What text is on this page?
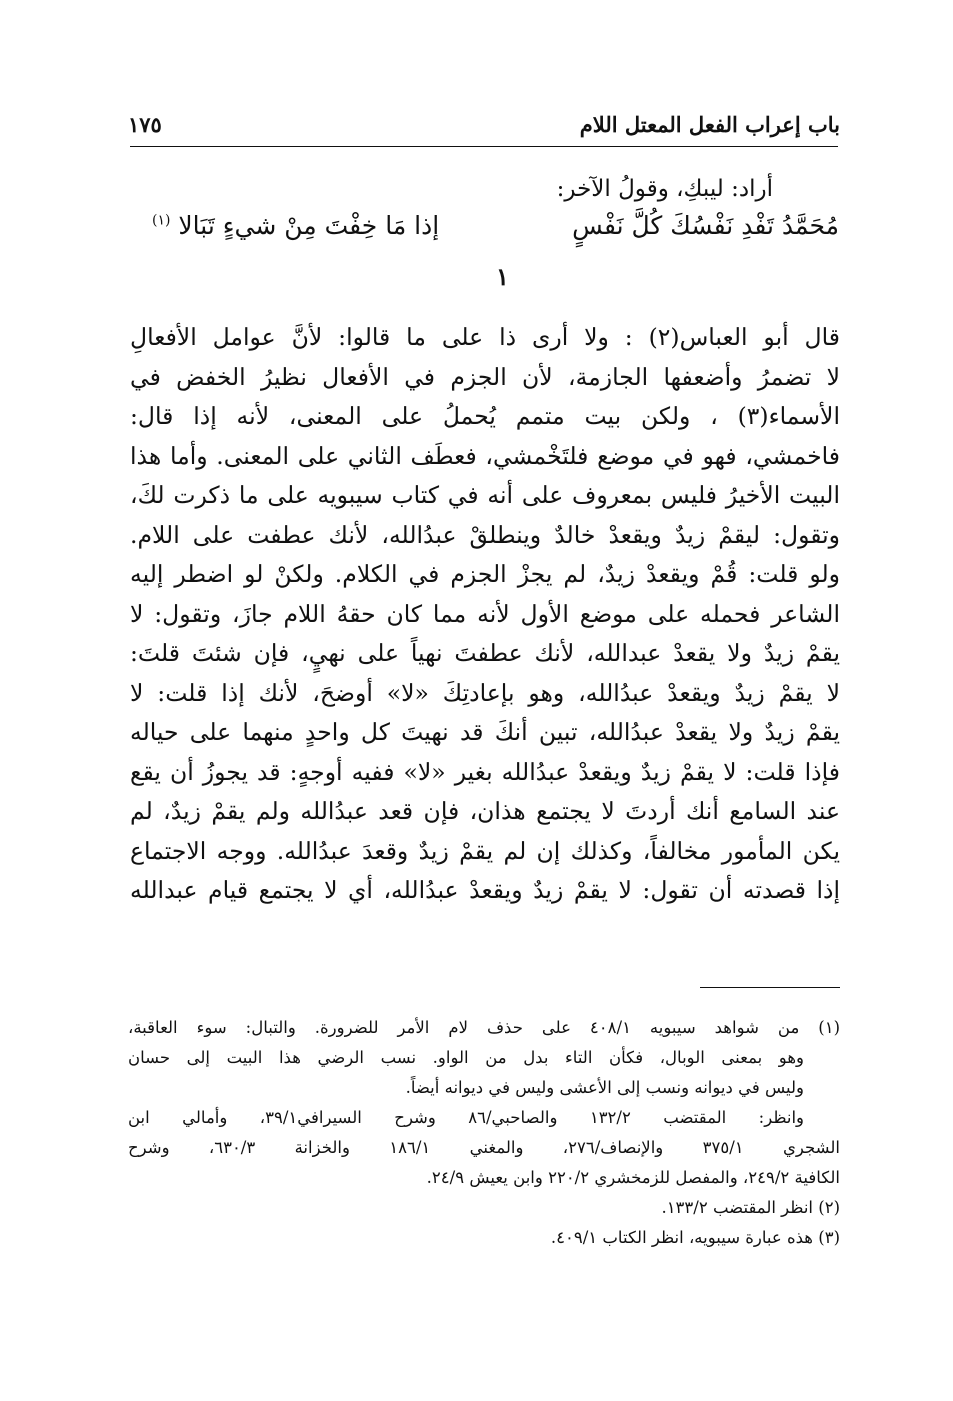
باب إعراب الفعل المعتل اللام
١٧٥
أراد: ليبكِ، وقولُ الآخر:
مُحَمَّدُ تَفْدِ نَفْسُكَ كُلَّ نَفْسٍ
إذا مَا خِفْتَ مِنْ شيءٍ تَبَالا $^{(١)}$
١
قال أبو العباس(٢) : ولا أرى ذا على ما قالوا: لأنَّ عوامل الأفعالِ
لا تضمرُ وأضعفها الجازمة، لأن الجزم في الأفعال نظيرُ الخفض في
الأسماء(٣) ، ولكن بيت متمم يُحملُ على المعنى، لأنه إذا قال:
فاخمشي، فهو في موضع فلتَخْمشي، فعطَف الثاني على المعنى. وأما هذا
البيت الأخيرُ فليس بمعروف على أنه في كتاب سيبويه على ما ذكرت لكَ،
وتقول: ليقمْ زيدٌ ويقعدْ خالدٌ وينطلقْ عبدُالله، لأنك عطفت على اللام.
ولو قلت: قُمْ ويقعدْ زيدٌ، لم يجزْ الجزم في الكلام. ولكنْ لو اضطر إليه
الشاعر فحمله على موضع الأول لأنه مما كان حقهُ اللام جازَ، وتقول: لا
يقمْ زيدٌ ولا يقعدْ عبدالله، لأنك عطفتَ نهياً على نهيٍ، فإن شئتَ قلتَ:
لا يقمْ زيدٌ ويقعدْ عبدُالله، وهو بإعادتِكَ «لا» أوضحَ، لأنك إذا قلت: لا
يقمْ زيدٌ ولا يقعدْ عبدُالله، تبين أنكَ قد نهيتَ كل واحدٍ منهما على حياله
فإذا قلت: لا يقمْ زيدٌ ويقعدْ عبدُالله بغير «لا» ففيه أوجهٍ: قد يجوزُ أن يقع
عند السامع أنك أردتَ لا يجتمع هذان، فإن قعد عبدُالله ولم يقمْ زيدٌ، لم
يكن المأمور مخالفاً، وكذلك إن لم يقمْ زيدٌ وقعدَ عبدُالله. ووجه الاجتماع
إذا قصدته أن تقول: لا يقمْ زيدٌ ويقعدْ عبدُالله، أي لا يجتمع قيام عبدالله
(١) من شواهد سيبويه ٤٠٨/١ على حذف لام الأمر للضرورة. والتبال: سوء العاقبة،
وهو بمعنى الوبال، فكأن التاء بدل من الواو. نسب الرضي هذا البيت إلى حسان
وليس في ديوانه ونسب إلى الأعشى وليس في ديوانه أيضاً.
وانظر: المقتضب ١٣٢/٢ والصاحبي/٨٦ وشرح السيرافي٣٩/١، وأمالي ابن
الشجري ٣٧٥/١ والإنصاف/٢٧٦، والمغني ١٨٦/١ والخزانة ٦٣٠/٣، وشرح
الكافية ٢٤٩/٢، والمفصل للزمخشري ٢٢٠/٢ وابن يعيش ٢٤/٩.
(٢) انظر المقتضب ١٣٣/٢.
(٣) هذه عبارة سيبويه، انظر الكتاب ٤٠٩/١.
